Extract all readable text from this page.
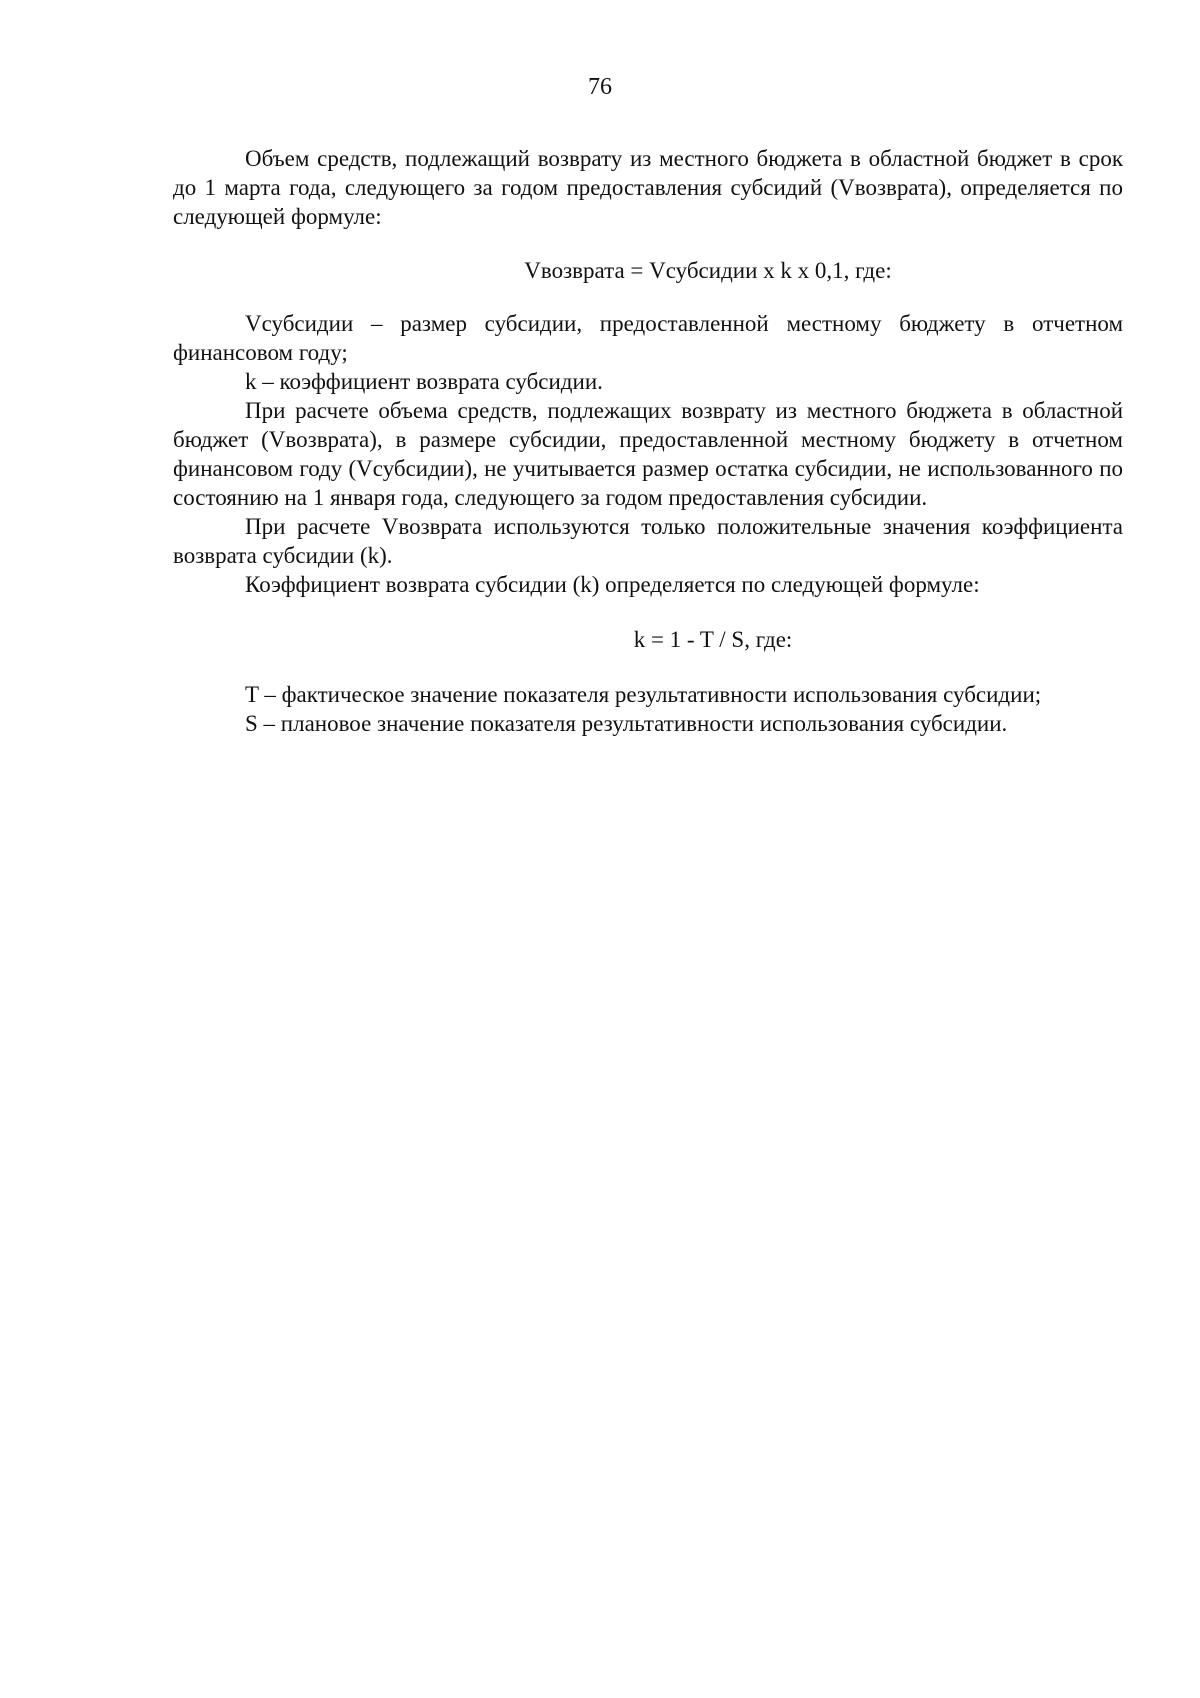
76

Объем средств, подлежащий возврату из местного бюджета в областной бюджет в срок до 1 марта года, следующего за годом предоставления субсидий (Vвозврата), определяется по следующей формуле:

Vвозврата = Vсубсидии x k x 0,1, где:

Vсубсидии – размер субсидии, предоставленной местному бюджету в отчетном финансовом году;

k – коэффициент возврата субсидии.

При расчете объема средств, подлежащих возврату из местного бюджета в областной бюджет (Vвозврата), в размере субсидии, предоставленной местному бюджету в отчетном финансовом году (Vсубсидии), не учитывается размер остатка субсидии, не использованного по состоянию на 1 января года, следующего за годом предоставления субсидии.

При расчете Vвозврата используются только положительные значения коэффициента возврата субсидии (k).

Коэффициент возврата субсидии (k) определяется по следующей формуле:

k = 1 - T / S, где:

T – фактическое значение показателя результативности использования субсидии;

S – плановое значение показателя результативности использования субсидии.
